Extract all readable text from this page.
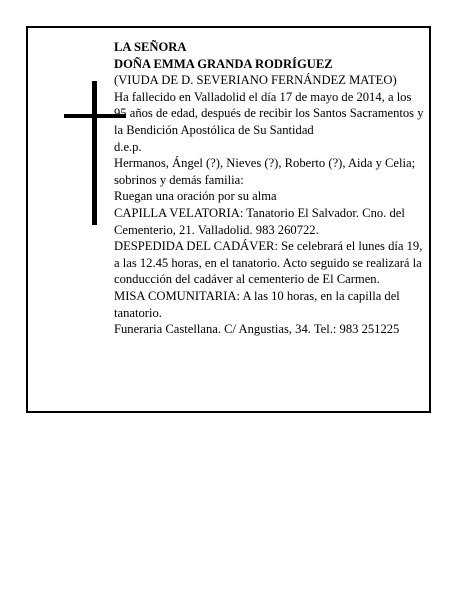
LA SEÑORA

DOÑA EMMA GRANDA RODRÍGUEZ

(VIUDA DE D. SEVERIANO FERNÁNDEZ MATEO)

Ha fallecido en Valladolid el día 17 de mayo de 2014, a los 95 años de edad, después de recibir los Santos Sacramentos y la Bendición Apostólica de Su Santidad

d.e.p.

Hermanos, Ángel (?), Nieves (?), Roberto (?), Aida y Celia; sobrinos y demás familia:

Ruegan una oración por su alma

CAPILLA VELATORIA: Tanatorio El Salvador. Cno. del Cementerio, 21. Valladolid. 983 260722.

DESPEDIDA DEL CADÁVER: Se celebrará el lunes día 19, a las 12.45 horas, en el tanatorio. Acto seguido se realizará la conducción del cadáver al cementerio de El Carmen.

MISA COMUNITARIA: A las 10 horas, en la capilla del tanatorio.

Funeraria Castellana. C/ Angustias, 34. Tel.: 983 251225
